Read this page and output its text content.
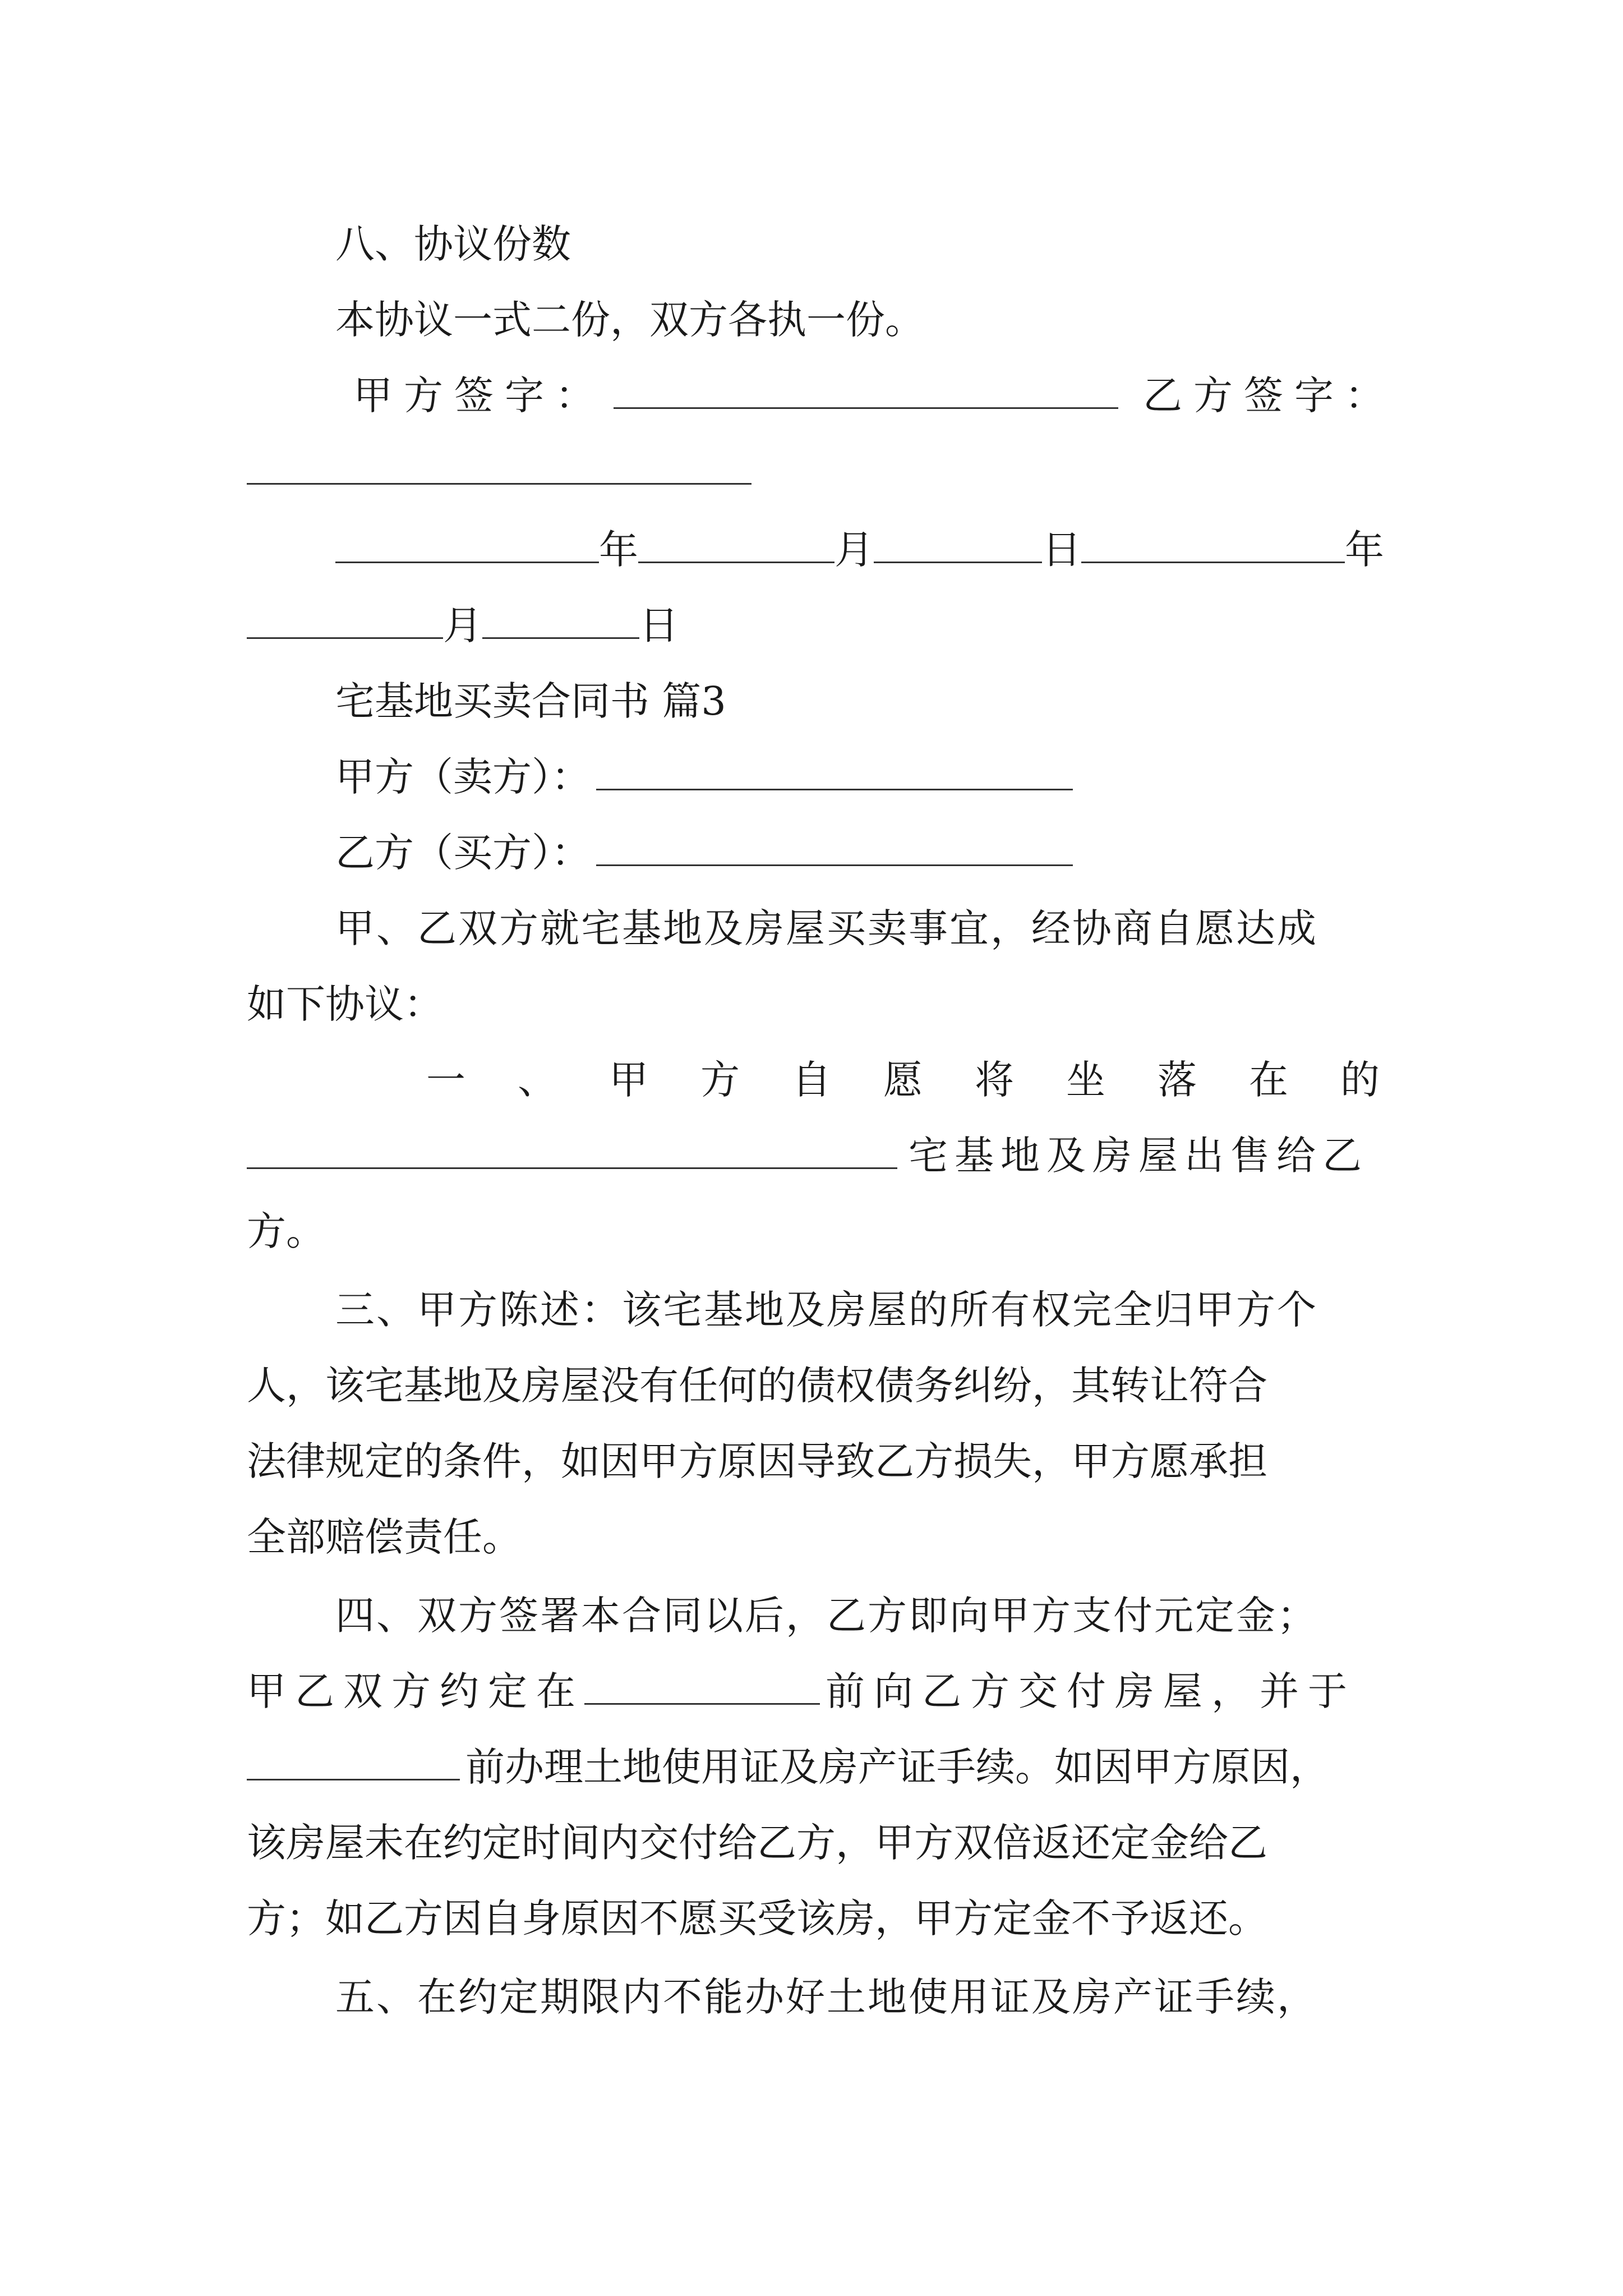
八、协议份数
本协议一式二份，双方各执一份。
甲方签字：	乙方签字：
年	月	日	年
月	日
宅基地买卖合同书 篇3
甲方（卖方）：
乙方（买方）：
甲、乙双方就宅基地及房屋买卖事宜，经协商自愿达成
如下协议：
一 、 甲 方 自 愿 将 坐 落 在 的
宅基地及房屋出售给乙
方。
三、甲方陈述：该宅基地及房屋的所有权完全归甲方个
人，该宅基地及房屋没有任何的债权债务纠纷，其转让符合
法律规定的条件，如因甲方原因导致乙方损失，甲方愿承担
全部赔偿责任。
四、双方签署本合同以后，乙方即向甲方支付元定金；
甲乙双方约定在	前向乙方交付房屋，并于
前办理土地使用证及房产证手续。如因甲方原因，
该房屋未在约定时间内交付给乙方，甲方双倍返还定金给乙
方；如乙方因自身原因不愿买受该房，甲方定金不予返还。
五、在约定期限内不能办好土地使用证及房产证手续，
